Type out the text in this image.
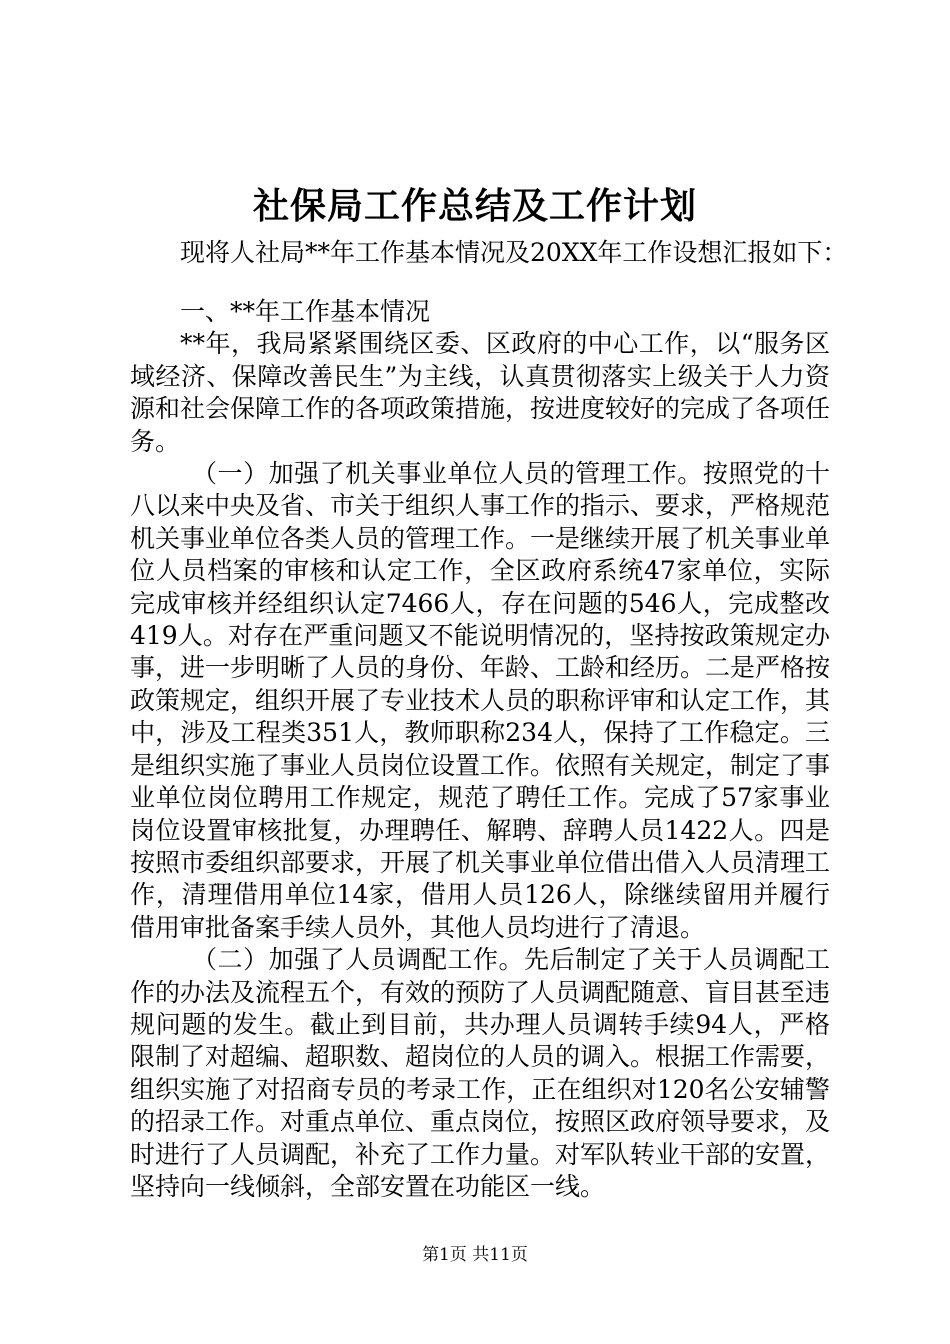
社保局工作总结及工作计划
现将人社局**年工作基本情况及20XX年工作设想汇报如下：

一、**年工作基本情况

**年，我局紧紧围绕区委、区政府的中心工作，以“服务区域经济、保障改善民生”为主线，认真贯彻落实上级关于人力资源和社会保障工作的各项政策措施，按进度较好的完成了各项任务。

（一）加强了机关事业单位人员的管理工作。按照党的十八以来中央及省、市关于组织人事工作的指示、要求，严格规范机关事业单位各类人员的管理工作。一是继续开展了机关事业单位人员档案的审核和认定工作，全区政府系统47家单位，实际完成审核并经组织认定7466人，存在问题的546人，完成整改419人。对存在严重问题又不能说明情况的，坚持按政策规定办事，进一步明晰了人员的身份、年龄、工龄和经历。二是严格按政策规定，组织开展了专业技术人员的职称评审和认定工作，其中，涉及工程类351人，教师职称234人，保持了工作稳定。三是组织实施了事业人员岗位设置工作。依照有关规定，制定了事业单位岗位聘用工作规定，规范了聘任工作。完成了57家事业岗位设置审核批复，办理聘任、解聘、辞聘人员1422人。四是按照市委组织部要求，开展了机关事业单位借出借入人员清理工作，清理借用单位14家，借用人员126人，除继续留用并履行借用审批备案手续人员外，其他人员均进行了清退。

（二）加强了人员调配工作。先后制定了关于人员调配工作的办法及流程五个，有效的预防了人员调配随意、盲目甚至违规问题的发生。截止到目前，共办理人员调转手续94人，严格限制了对超编、超职数、超岗位的人员的调入。根据工作需要，组织实施了对招商专员的考录工作，正在组织对120名公安辅警的招录工作。对重点单位、重点岗位，按照区政府领导要求，及时进行了人员调配，补充了工作力量。对军队转业干部的安置，坚持向一线倾斜，全部安置在功能区一线。

第1页 共11页
